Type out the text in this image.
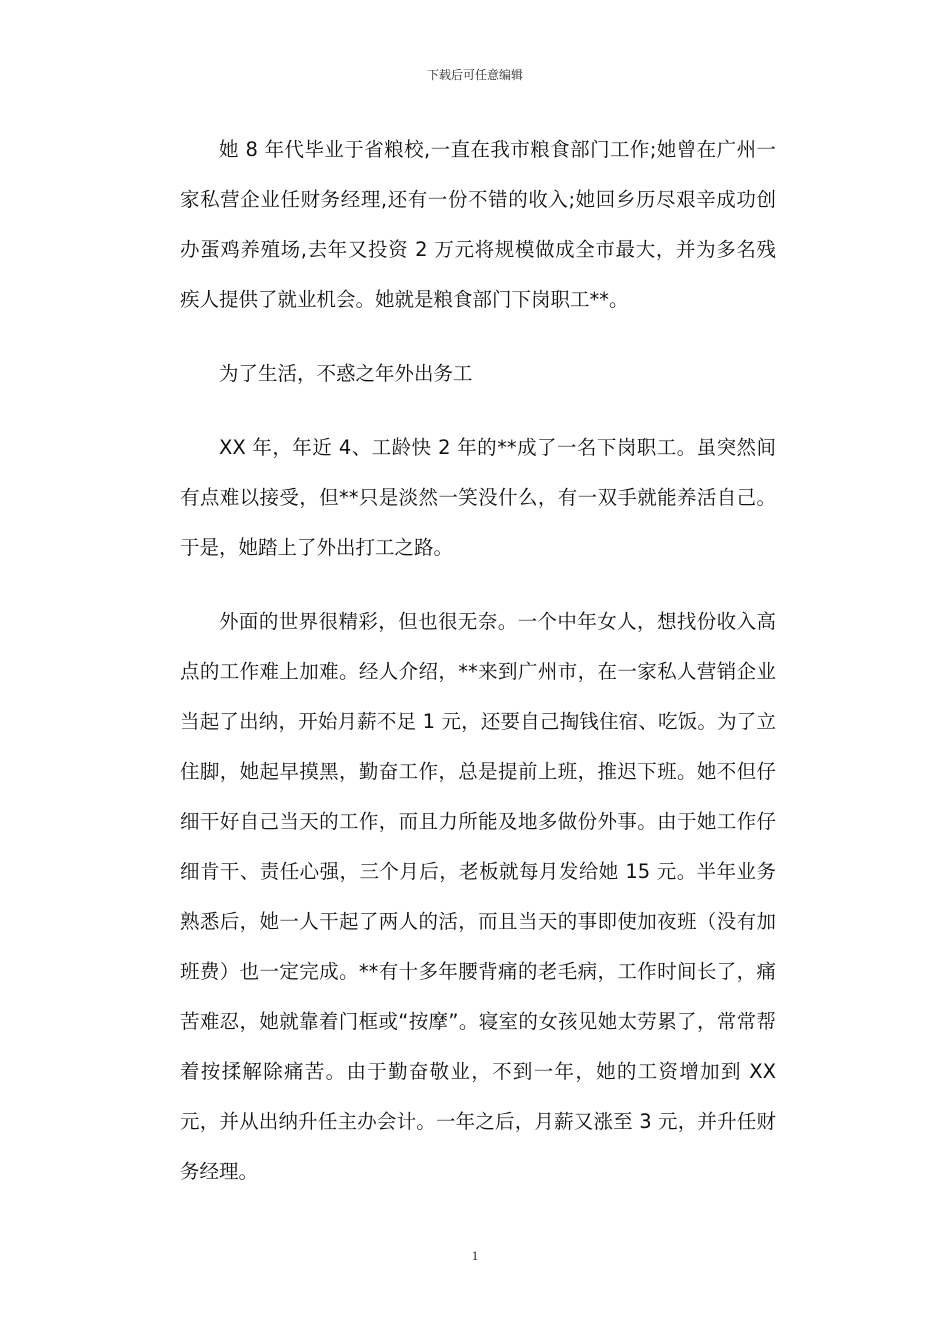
下载后可任意编辑

她 8 年代毕业于省粮校,一直在我市粮食部门工作;她曾在广州一家私营企业任财务经理,还有一份不错的收入;她回乡历尽艰辛成功创办蛋鸡养殖场,去年又投资 2 万元将规模做成全市最大，并为多名残疾人提供了就业机会。她就是粮食部门下岗职工**。

为了生活，不惑之年外出务工

XX 年，年近 4、工龄快 2 年的**成了一名下岗职工。虽突然间有点难以接受，但**只是淡然一笑没什么，有一双手就能养活自己。于是，她踏上了外出打工之路。

外面的世界很精彩，但也很无奈。一个中年女人，想找份收入高点的工作难上加难。经人介绍，**来到广州市，在一家私人营销企业当起了出纳，开始月薪不足 1 元，还要自己掏钱住宿、吃饭。为了立住脚，她起早摸黑，勤奋工作，总是提前上班，推迟下班。她不但仔细干好自己当天的工作，而且力所能及地多做份外事。由于她工作仔细肯干、责任心强，三个月后，老板就每月发给她 15 元。半年业务熟悉后，她一人干起了两人的活，而且当天的事即使加夜班（没有加班费）也一定完成。**有十多年腰背痛的老毛病，工作时间长了，痛苦难忍，她就靠着门框或“按摩”。寝室的女孩见她太劳累了，常常帮着按揉解除痛苦。由于勤奋敬业，不到一年，她的工资增加到 XX 元，并从出纳升任主办会计。一年之后，月薪又涨至 3 元，并升任财务经理。

1
